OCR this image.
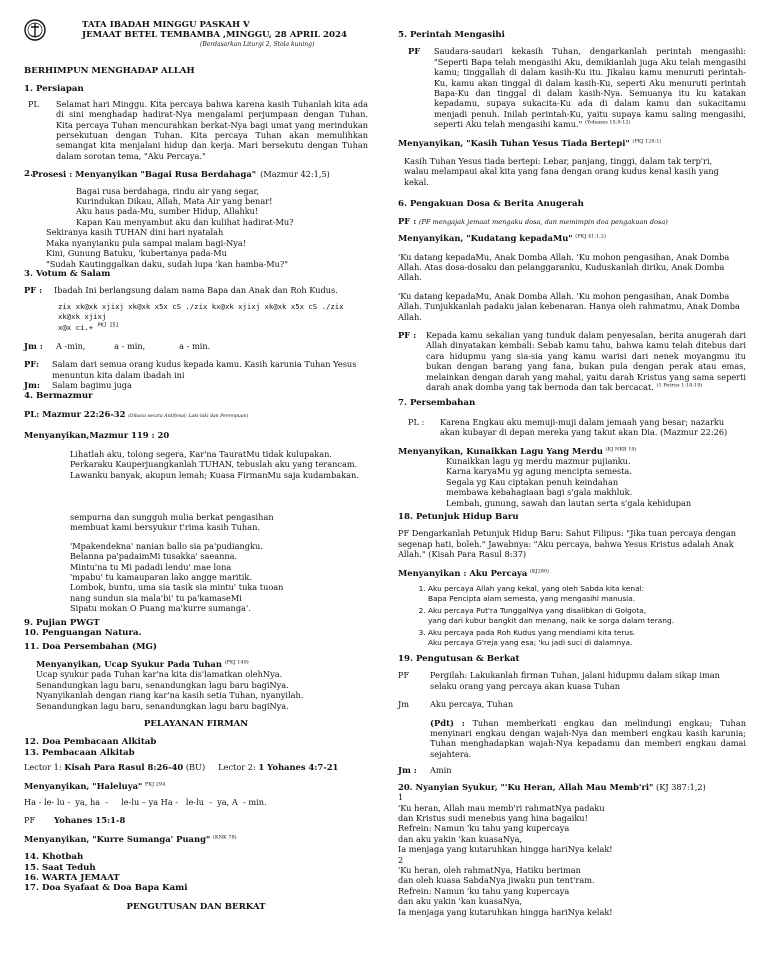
TATA IBADAH MINGGU PASKAH V

JEMAAT BETEL TEMBAMBA ,MINGGU, 28 APRIL 2024

(Berdasarkan Liturgi 2, Stola kuning)

BERHIMPUN MENGHADAP ALLAH

1. Persiapan

PL	Selamat hari Minggu. Kita percaya bahwa karena kasih Tuhanlah kita ada di sini menghadap hadirat-Nya mengalami perjumpaan dengan Tuhan. Kita percaya Tuhan mencurahkan berkat-Nya bagi umat yang merindukan persekutuan dengan Tuhan. Kita percaya Tuhan akan memulihkan semangat kita menjalani hidup dan kerja. Mari bersekutu dengan Tuhan dalam sorotan tema, "Aku Percaya."

2. Prosesi : Menyanyikan "Bagai Rusa Berdahaga" (Mazmur 42:1,5)

Bagai rusa berdahaga, rindu air yang segar,

Kurindukan Dikau, Allah, Mata Air yang benar!

Aku haus pada-Mu, sumber Hidup, Allahku!

Kapan Kau menyambut aku dan kulihat hadirat-Mu?

Sekiranya kasih TUHAN dini hari nyatalah

Maka nyanyianku pula sampai malam bagi-Nya!

Kini, Gunung Batuku, 'kubertanya pada-Mu

"Sudah Kautinggalkan daku, sudah lupa 'kan hamba-Mu?"

3. Votum & Salam

PF :	Ibadah Ini berlangsung dalam nama Bapa dan Anak dan Roh Kudus.

zix xk@xk xjixj xk@xk x5x cS ./zix kx@xk xjixj xk@xk x5x cS ./zix xk@xk xjixj

x@x ci.+ $^{PKJ 251}$

Jm :	A -min,           a - min,             a - min.

PF:	Salam dari semua orang kudus kepada kamu. Kasih karunia Tuhan Yesus menuntun kita dalam ibadah ini

Jm:	Salam bagimu juga

4. Bermazmur

PL: Mazmur 22:26-32 (Dibaca secara Antifonal; Laki-laki dan Perempuan)

Menyanyikan,Mazmur 119 : 20

Lihatlah aku, tolong segera, Kar'na TauratMu tidak kulupakan.

Perkaraku Kauperjuangkanlah TUHAN, tebuslah aku yang terancam.

Lawanku banyak, akupun lemah; Kuasa FirmanMu saja kudambakan.

5. Perintah Mengasihi

PF	Saudara-saudari kekasih Tuhan, dengarkanlah perintah mengasihi: "Seperti Bapa telah mengasihi Aku, demikianlah juga Aku telah mengasihi kamu; tinggallah di dalam kasih-Ku itu. Jikalau kamu menuruti perintah-Ku, kamu akan tinggal di dalam kasih-Ku, seperti Aku menuruti perintah Bapa-Ku dan tinggal di dalam kasih-Nya. Semuanya itu ku katakan kepadamu, supaya sukacita-Ku ada di dalam kamu dan sukacitamu menjadi penuh. Inilah perintah-Ku, yaitu supaya kamu saling mengasihi, seperti Aku telah mengasihi kamu." $^{(Yohanes 15:9-12)}$

Menyanyikan, "Kasih Tuhan Yesus Tiada Bertepi" $^{(PKJ 128:1)}$

Kasih Tuhan Yesus tiada bertepi: Lebar, panjang, tinggi, dalam tak terp'ri,

walau melampaui akal kita yang fana dengan orang kudus kenal kasih yang kekal.

6. Pengakuan Dosa & Berita Anugerah

PF : (PF mengajak jemaat mengaku dosa, dan memimpin doa pengakuan dosa)

Menyanyikan, "Kudatang kepadaMu" $^{(PKJ 41:1,2)}$

'Ku datang kepadaMu, Anak Domba Allah. 'Ku mohon pengasihan, Anak Domba Allah. Atas dosa-dosaku dan pelanggaranku, Kuduskanlah diriku, Anak Domba Allah.

'Ku datang kepadaMu, Anak Domba Allah. 'Ku mohon pengasihan, Anak Domba Allah. Tunjukkanlah padaku jalan kebenaran. Hanya oleh rahmatmu, Anak Domba Allah.

PF :	Kepada kamu sekalian yang tunduk dalam penyesalan, berita anugerah dari Allah dinyatakan kembali: Sebab kamu tahu, bahwa kamu telah ditebus dari cara hidupmu yang sia-sia yang kamu warisi dari nenek moyangmu itu bukan dengan barang yang fana, bukan pula dengan perak atau emas, melainkan dengan darah yang mahal, yaitu darah Kristus yang sama seperti darah anak domba yang tak bernoda dan tak bercacat. $^{(1 Petrus 1:18-19)}$

7. Persembahan

PL :	Karena Engkau aku memuji-muji dalam jemaah yang besar; nazarku akan kubayar di depan mereka yang takut akan Dia. (Mazmur 22:26)

Menyanyikan, Kunaikkan Lagu Yang Merdu $^{(KJ NKB 19)}$

Kunaikkan lagu yg merdu mazmur pujianku.

Karna karyaMu yg agung mencipta semesta.

Segala yg Kau ciptakan penuh keindahan

membawa kebahagiaan bagi s'gala makhluk.

Lembah, gunung, sawah dan lautan serta s'gala kehidupan

sempurna dan sungguh mulia berkat pengasihan

membuat kami bersyukur t'rima kasih Tuhan.

'Mpakendekna' nanian ballo sia pa'pudiangku.

Belanna pa'padaimMi tusakka' saeanna.

Mintu'na tu Mi padadi lendu' mae lona

'mpabu' tu kamauparan lako angge maritik.

Lombok, buntu, uma sia tasik sia mintu' tuka tuoan

nang sundun sia mala'bi' tu pa'kamaseMi

Sipatu mokan O Puang ma'kurre sumanga'.

9. Pujian PWGT

10. Penguangan Natura.

11. Doa Persembahan (MG)

Menyanyikan, Ucap Syukur Pada Tuhan $^{(PKJ 149)}$

Ucap syukur pada Tuhan kar'na kita dis'lamatkan olehNya.

Senandungkan lagu baru, senandungkan lagu baru bagiNya.

Nyanyikanlah dengan riang kar'na kasih setia Tuhan, nyanyilah.

Senandungkan lagu baru, senandungkan lagu baru bagiNya.

PELAYANAN FIRMAN

12. Doa Pembacaan Alkitab

13. Pembacaan Alkitab

Lector 1: Kisah Para Rasul 8:26-40 (BU) Lector 2: 1 Yohanes 4:7-21

Menyanyikan, "Haleluya" $^{PKJ 294}$

Ha - le- lu -  ya, ha  -     le-lu – ya Ha -   le-lu  -  ya, A  - min.

PF	Yohanes 15:1-8

Menyanyikan, "Kurre Sumanga' Puang" $^{(KNK 78)}$

14. Khotbah

15. Saat Teduh

16. WARTA JEMAAT

17. Doa Syafaat & Doa Bapa Kami

PENGUTUSAN DAN BERKAT

18. Petunjuk Hidup Baru

PF Dengarkanlah Petunjuk Hidup Baru: Sahut Filipus: "Jika tuan percaya dengan segenap hati, boleh." Jawabnya: "Aku percaya, bahwa Yesus Kristus adalah Anak Allah." (Kisah Para Rasul 8:37)

Menyanyikan : Aku Percaya $^{(KJ280)}$

1. Aku percaya Allah yang kekal, yang oleh Sabda kita kenal:
Bapa Pencipta alam semesta, yang mengasihi manusia.
2. Aku percaya Put'ra TunggalNya yang disalibkan di Golgota,
yang dari kubur bangkit dan menang, naik ke sorga dalam terang.
3. Aku percaya pada Roh Kudus yang mendiami kita terus.
Aku percaya G'reja yang esa; 'ku jadi suci di dalamnya.

19. Pengutusan & Berkat

PF	Pergilah: Lakukanlah firman Tuhan, jalani hidupmu dalam sikap iman selaku orang yang percaya akan kuasa Tuhan

Jm	Aku percaya, Tuhan

(Pdt) : Tuhan memberkati engkau dan melindungi engkau; Tuhan menyinari engkau dengan wajah-Nya dan memberi engkau kasih karunia; Tuhan menghadapkan wajah-Nya kepadamu dan memberi engkau damai sejahtera.

Jm :	Amin

20. Nyanyian Syukur, "'Ku Heran, Allah Mau Memb'ri" (KJ 387:1,2)

1

'Ku heran, Allah mau memb'ri rahmatNya padaku

dan Kristus sudi menebus yang hina bagaiku!

Refrein: Namun 'ku tahu yang kupercaya

dan aku yakin 'kan kuasaNya,

Ia menjaga yang kutaruhkan hingga hariNya kelak!

2

'Ku heran, oleh rahmatNya, Hatiku beriman

dan oleh kuasa SabdaNya jiwaku pun tent'ram.

Refrein: Namun 'ku tahu yang kupercaya

dan aku yakin 'kan kuasaNya,

Ia menjaga yang kutaruhkan hingga hariNya kelak!
